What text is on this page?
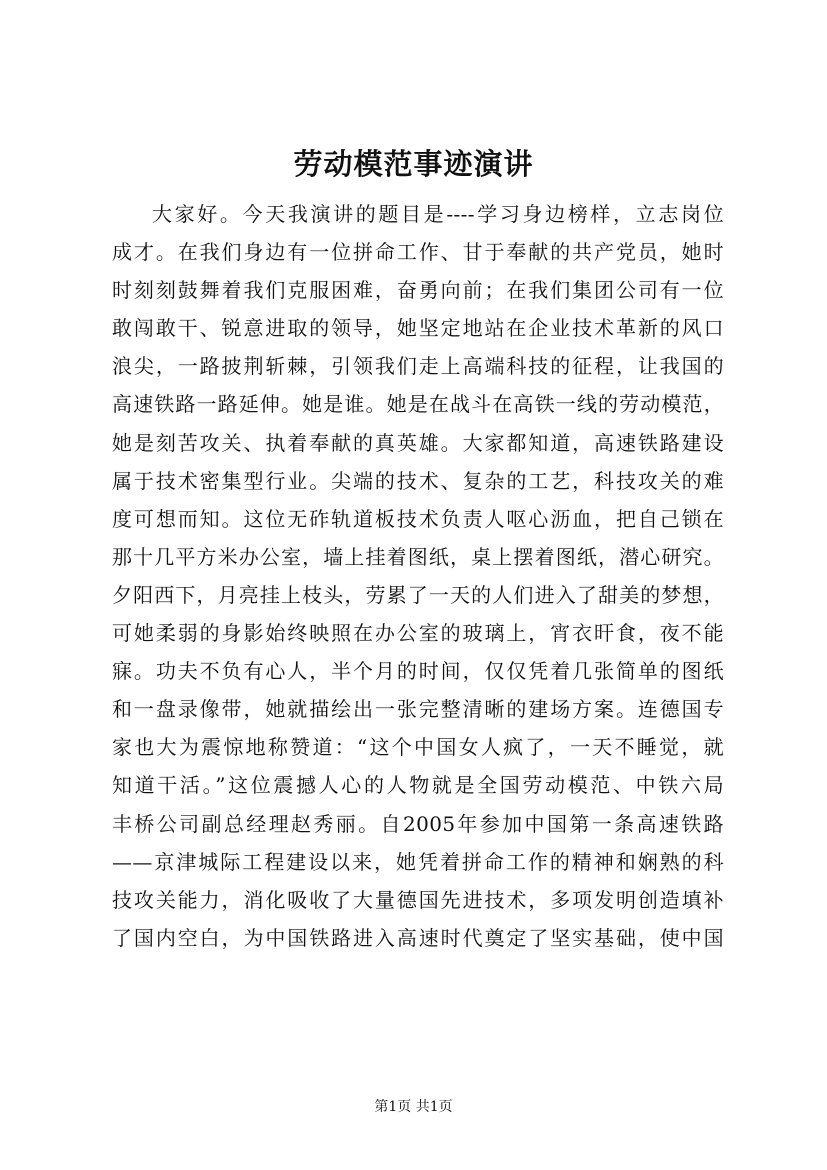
劳动模范事迹演讲
大家好。今天我演讲的题目是----学习身边榜样，立志岗位
成才。在我们身边有一位拼命工作、甘于奉献的共产党员，她时
时刻刻鼓舞着我们克服困难，奋勇向前；在我们集团公司有一位
敢闯敢干、锐意进取的领导，她坚定地站在企业技术革新的风口
浪尖，一路披荆斩棘，引领我们走上高端科技的征程，让我国的
高速铁路一路延伸。她是谁。她是在战斗在高铁一线的劳动模范，
她是刻苦攻关、执着奉献的真英雄。大家都知道，高速铁路建设
属于技术密集型行业。尖端的技术、复杂的工艺，科技攻关的难
度可想而知。这位无砟轨道板技术负责人呕心沥血，把自己锁在
那十几平方米办公室，墙上挂着图纸，桌上摆着图纸，潜心研究。
夕阳西下，月亮挂上枝头，劳累了一天的人们进入了甜美的梦想，
可她柔弱的身影始终映照在办公室的玻璃上，宵衣旰食，夜不能
寐。功夫不负有心人，半个月的时间，仅仅凭着几张简单的图纸
和一盘录像带，她就描绘出一张完整清晰的建场方案。连德国专
家也大为震惊地称赞道：“这个中国女人疯了，一天不睡觉，就
知道干活。”这位震撼人心的人物就是全国劳动模范、中铁六局
丰桥公司副总经理赵秀丽。自2005年参加中国第一条高速铁路
——京津城际工程建设以来，她凭着拼命工作的精神和娴熟的科
技攻关能力，消化吸收了大量德国先进技术，多项发明创造填补
了国内空白，为中国铁路进入高速时代奠定了坚实基础，使中国
第1页 共1页
